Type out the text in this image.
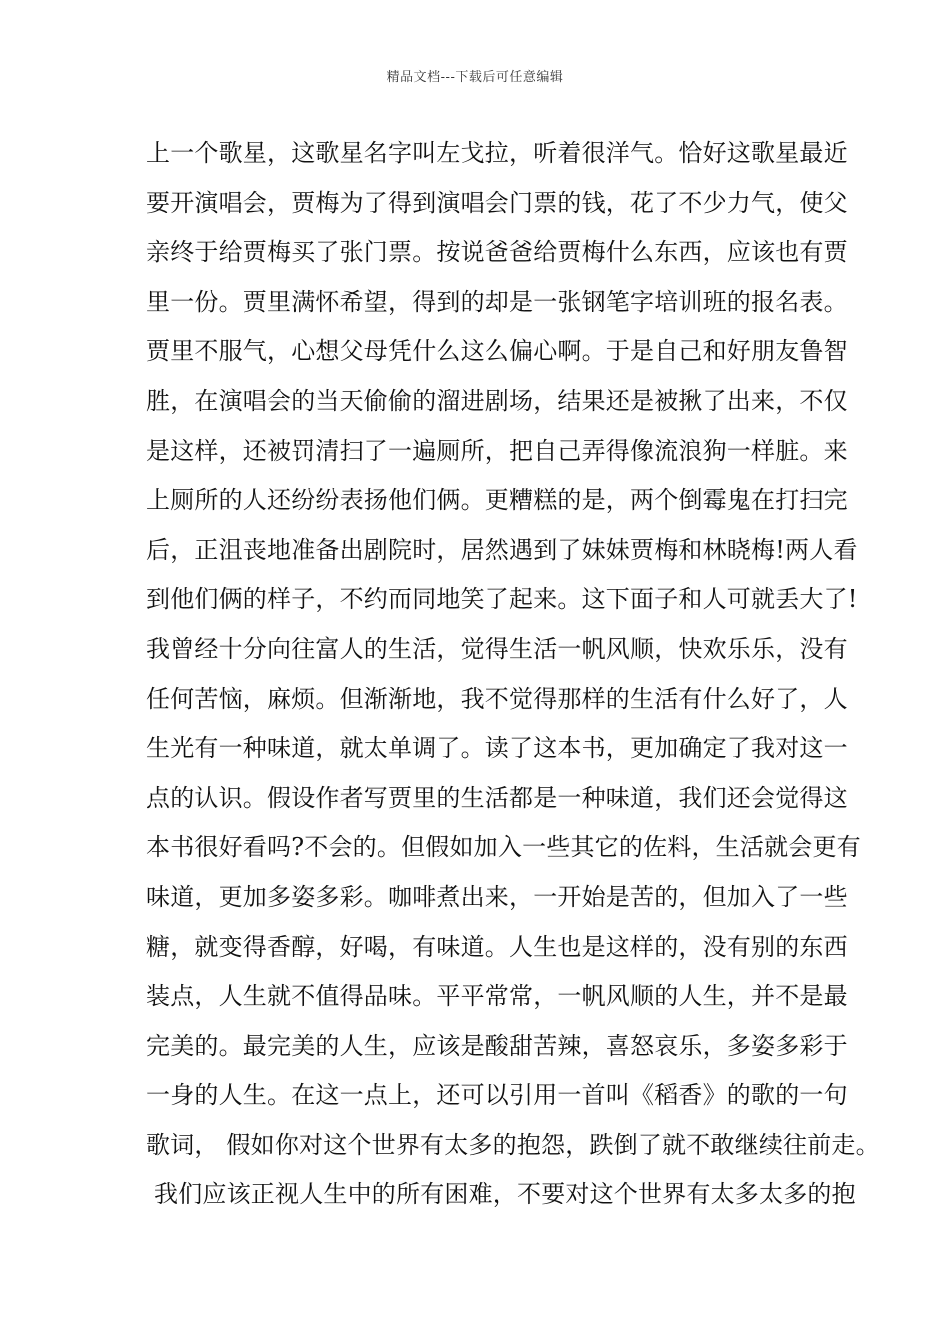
精品文档---下载后可任意编辑
上一个歌星，这歌星名字叫左戈拉，听着很洋气。恰好这歌星最近
要开演唱会，贾梅为了得到演唱会门票的钱，花了不少力气，使父
亲终于给贾梅买了张门票。按说爸爸给贾梅什么东西，应该也有贾
里一份。贾里满怀希望，得到的却是一张钢笔字培训班的报名表。
贾里不服气，心想父母凭什么这么偏心啊。于是自己和好朋友鲁智
胜，在演唱会的当天偷偷的溜进剧场，结果还是被揪了出来，不仅
是这样，还被罚清扫了一遍厕所，把自己弄得像流浪狗一样脏。来
上厕所的人还纷纷表扬他们俩。更糟糕的是，两个倒霉鬼在打扫完
后，正沮丧地准备出剧院时，居然遇到了妹妹贾梅和林晓梅!两人看
到他们俩的样子，不约而同地笑了起来。这下面子和人可就丢大了!
我曾经十分向往富人的生活，觉得生活一帆风顺，快欢乐乐，没有
任何苦恼，麻烦。但渐渐地，我不觉得那样的生活有什么好了，人
生光有一种味道，就太单调了。读了这本书，更加确定了我对这一
点的认识。假设作者写贾里的生活都是一种味道，我们还会觉得这
本书很好看吗?不会的。但假如加入一些其它的佐料，生活就会更有
味道，更加多姿多彩。咖啡煮出来，一开始是苦的，但加入了一些
糖，就变得香醇，好喝，有味道。人生也是这样的，没有别的东西
装点，人生就不值得品味。平平常常，一帆风顺的人生，并不是最
完美的。最完美的人生，应该是酸甜苦辣，喜怒哀乐，多姿多彩于
一身的人生。在这一点上，还可以引用一首叫《稻香》的歌的一句
歌词， 假如你对这个世界有太多的抱怨，跌倒了就不敢继续往前走。
我们应该正视人生中的所有困难，不要对这个世界有太多太多的抱
